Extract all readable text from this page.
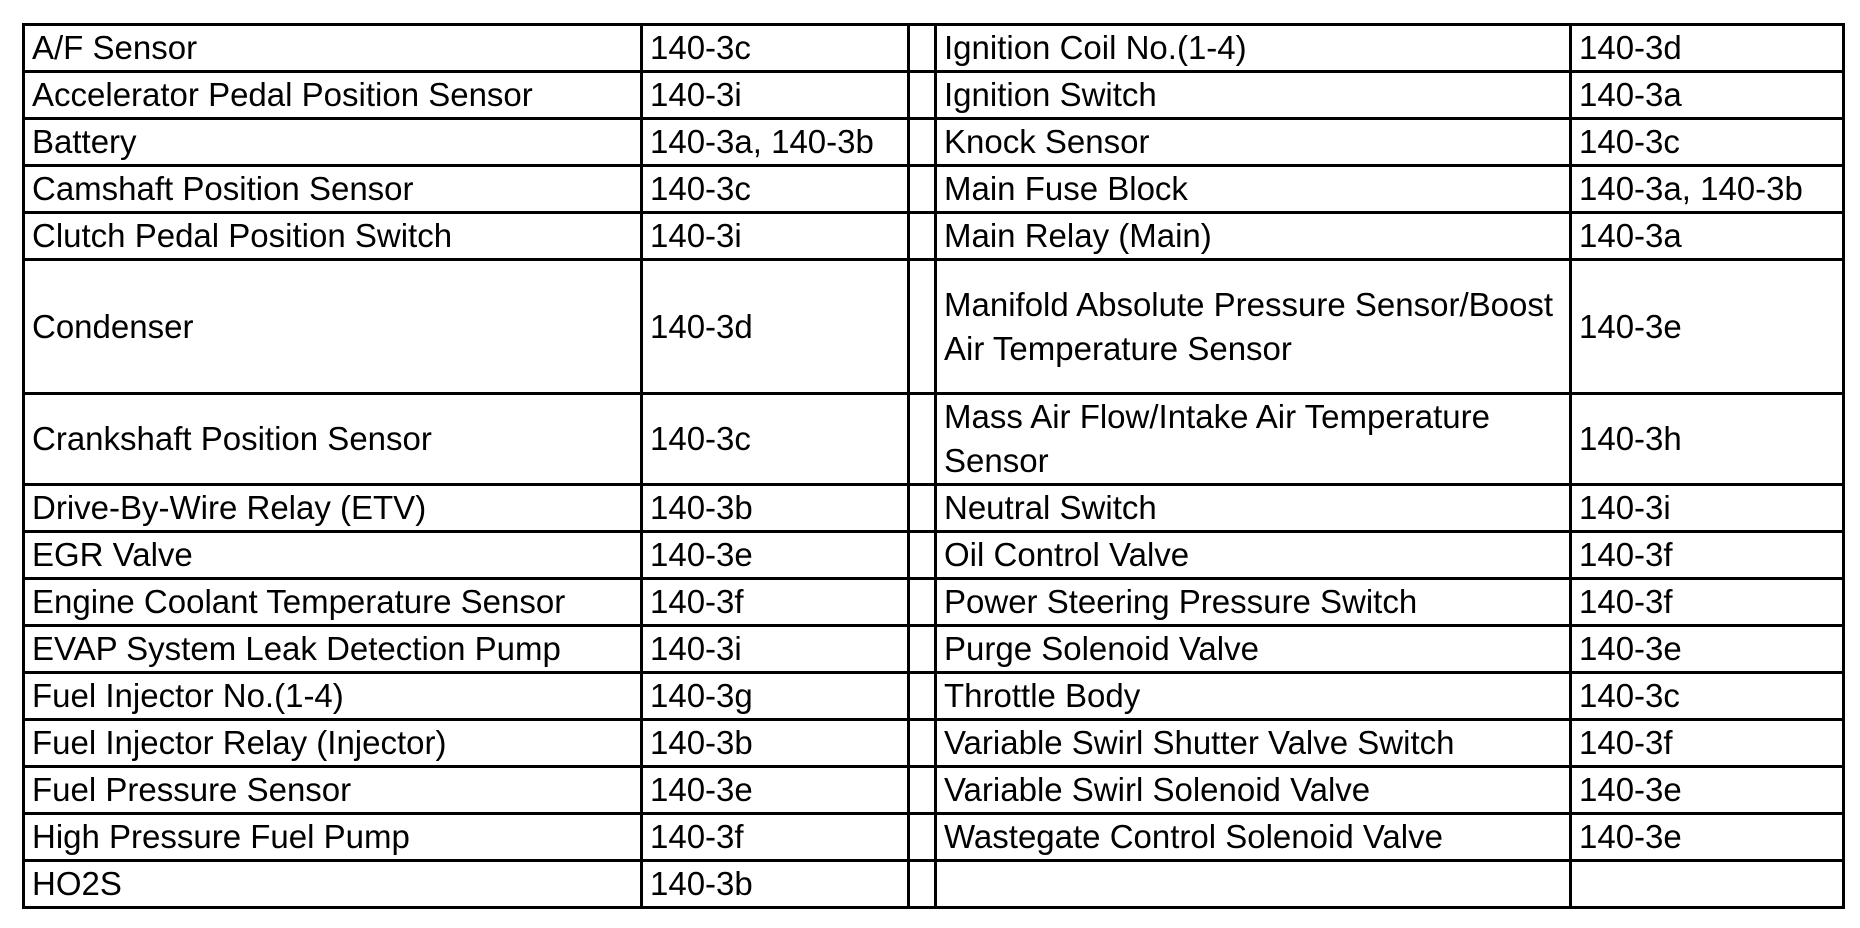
A/F Sensor	140-3c		Ignition Coil No.(1-4)	140-3d
Accelerator Pedal Position Sensor	140-3i		Ignition Switch	140-3a
Battery	140-3a, 140-3b		Knock Sensor	140-3c
Camshaft Position Sensor	140-3c		Main Fuse Block	140-3a, 140-3b
Clutch Pedal Position Switch	140-3i		Main Relay (Main)	140-3a
Condenser	140-3d		Manifold Absolute Pressure Sensor/Boost Air Temperature Sensor	140-3e
Crankshaft Position Sensor	140-3c		Mass Air Flow/Intake Air Temperature Sensor	140-3h
Drive-By-Wire Relay (ETV)	140-3b		Neutral Switch	140-3i
EGR Valve	140-3e		Oil Control Valve	140-3f
Engine Coolant Temperature Sensor	140-3f		Power Steering Pressure Switch	140-3f
EVAP System Leak Detection Pump	140-3i		Purge Solenoid Valve	140-3e
Fuel Injector No.(1-4)	140-3g		Throttle Body	140-3c
Fuel Injector Relay (Injector)	140-3b		Variable Swirl Shutter Valve Switch	140-3f
Fuel Pressure Sensor	140-3e		Variable Swirl Solenoid Valve	140-3e
High Pressure Fuel Pump	140-3f		Wastegate Control Solenoid Valve	140-3e
HO2S	140-3b			
